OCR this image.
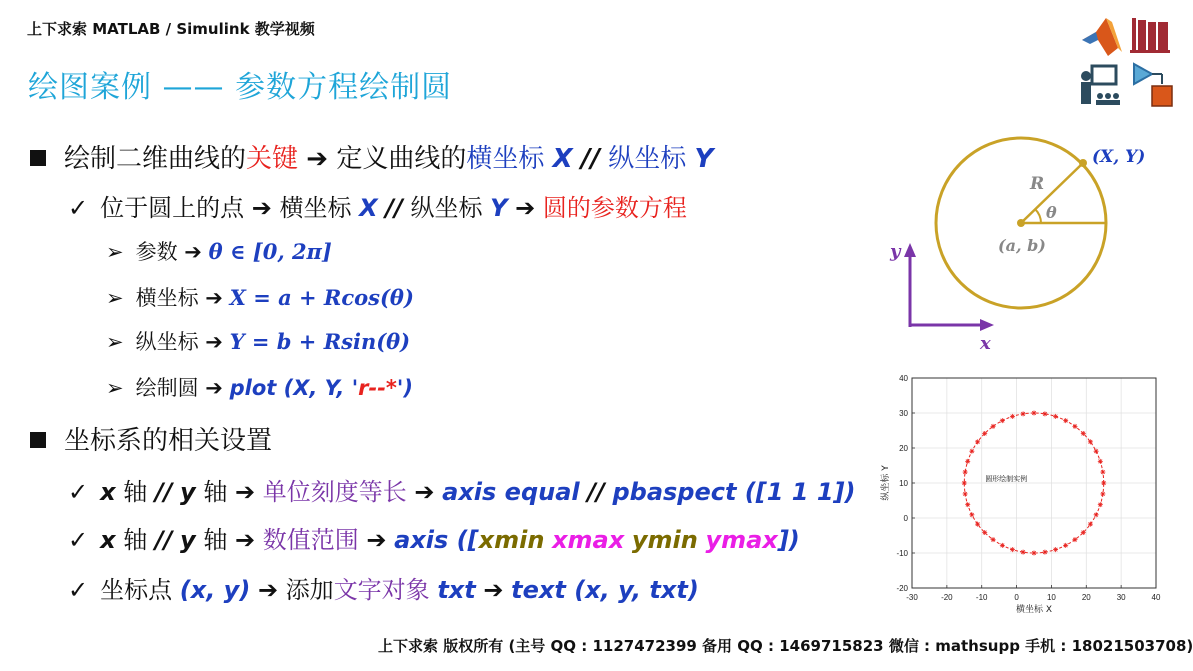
上下求索 MATLAB / Simulink 教学视频
绘图案例 —— 参数方程绘制圆
绘制二维曲线的关键 ➔ 定义曲线的横坐标 X // 纵坐标 Y
✓ 位于圆上的点 ➔ 横坐标 X // 纵坐标 Y ➔ 圆的参数方程
➢ 参数 ➔ θ ∈ [0, 2π]
➢ 横坐标 ➔ X = a + Rcos(θ)
➢ 纵坐标 ➔ Y = b + Rsin(θ)
➢ 绘制圆 ➔ plot (X, Y, 'r--*')
坐标系的相关设置
✓ x 轴 // y 轴 ➔ 单位刻度等长 ➔ axis equal // pbaspect ([1 1 1])
✓ x 轴 // y 轴 ➔ 数值范围 ➔ axis ([xmin xmax ymin ymax])
✓ 坐标点 (x, y) ➔ 添加文字对象 txt ➔ text (x, y, txt)
(X, Y)
R
θ
(a, b)
y
x
-30	-20	-10	0	10	20	30	40
-20
-10
0
10
20
30
40
圆形绘制实例
横坐标 X
纵坐标 Y
上下求索 版权所有 (主号 QQ : 1127472399 备用 QQ : 1469715823 微信 : mathsupp 手机 : 18021503708)
